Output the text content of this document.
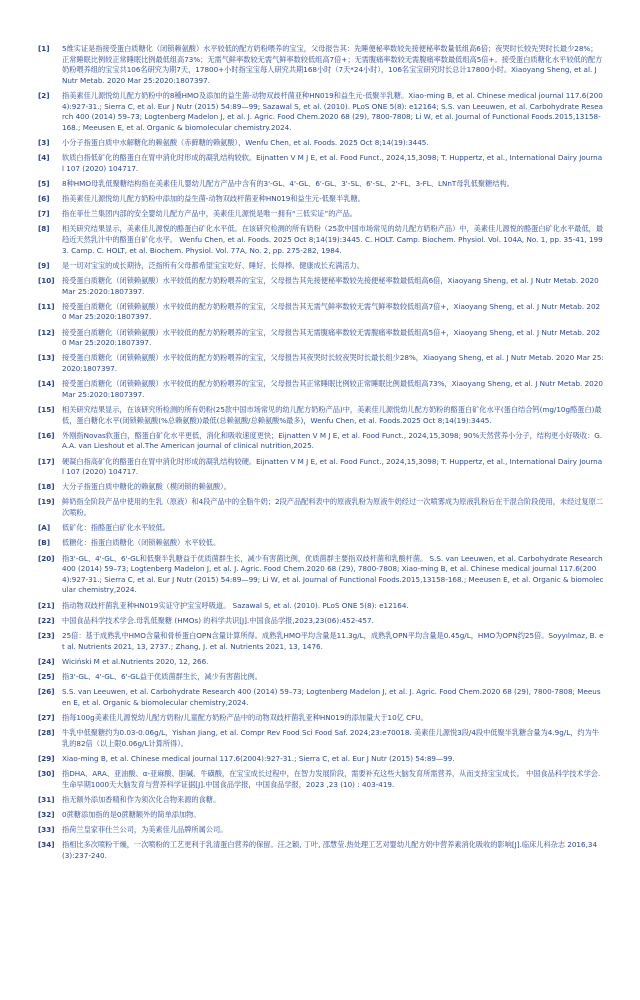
[1]	5维实证是指接受蛋白质糖化（闭锁赖氨酸）水平较低的配方奶粉喂养的宝宝，父母报告其：先睡便秘率数较先接便秘率数量低组高6倍；夜哭时长较先哭时长最少28%；正常睡眠比例较正常睡眠比例最低组高73%；无需气鲜率数较无需气鲜率数较低组高7倍+；无需腹痛率数较无需腹痛率数最低组高5倍+。接受蛋白质糖化水平较低的配方奶粉喂养组的宝宝共106名研究为期7天，17800+小时指宝宝每人研究共期168小时（7天*24小时），106名宝宝研究时长总计17800小时。Xiaoyang Sheng, et al. J Nutr Metab. 2020 Mar 25:2020:1807397.
[2]	指美素佳儿源悦幼儿配方奶粉中的8種HMO及添加的益生菌-动物双歧杆菌亚种HN019和益生元-低聚半乳糖。Xiao-ming B, et al. Chinese medical journal 117.6(2004):927-31.; Sierra C, et al. Eur J Nutr (2015) 54:89—99; Sazawal S, et al. (2010). PLoS ONE 5(8): e12164; S.S. van Leeuwen, et al. Carbohydrate Research 400 (2014) 59–73; Logtenberg Madelon J, et al. J. Agric. Food Chem.2020 68 (29), 7800-7808; Li W, et al. Journal of Functional Foods.2015,13158-168.; Meeusen E, et al. Organic & biomolecular chemistry.2024.
[3]	小分子指蛋白质中水解糖化的赖氨酸（赤藓糖的赖氨酸），Wenfu Chen, et al. Foods. 2025 Oct 8;14(19):3445.
[4]	软质白指低矿化的酪蛋白在胃中消化时形成的凝乳结构较软。Eijnatten V M J E, et al. Food Funct., 2024,15,3098; T. Huppertz, et al., International Dairy Journal 107 (2020) 104717.
[5]	8种HMO母乳低聚糖结构指在美素佳儿婴幼儿配方产品中含有的3'-GL、4'-GL、6'-GL、3'-SL、6'-SL、2'-FL、3-FL、LNnT母乳低聚糖结构。
[6]	指美素佳儿源悦幼儿配方奶粉中添加的益生菌-动物双歧杆菌亚种HN019和益生元-低聚半乳糖。
[7]	指在菲仕兰集团内部的安全婴幼儿配方产品中，美素佳儿源悦是唯一拥有“三低实证”的产品。
[8]	相关研究结果显示，美素佳儿源悦的酪蛋白矿化水平低。在该研究检测的所有奶粉（25款中国市场常见的幼儿配方奶粉产品）中，美素佳儿源悦的酪蛋白矿化水平最低，最趋近天然乳汁中的酪蛋白矿化水平。 Wenfu Chen, et al. Foods. 2025 Oct 8;14(19):3445. C. HOLT. Camp. Biochem. Physiol. Vol. 104A, No. 1, pp. 35-41, 1993. Camp. C. HOLT, et al. Biochem. Physiol. Vol. 77A, No. 2, pp. 275-282, 1984.
[9]	是一切对宝宝的成长期待，泛指所有父母都希望宝宝吃好、睡好、长得棒、健康成长充满活力。
[10]	接受蛋白质糖化（闭锁赖氨酸）水平较低的配方奶粉喂养的宝宝，父母报告其先接便秘率数较先接便秘率数最低组高6倍，Xiaoyang Sheng, et al. J Nutr Metab. 2020 Mar 25:2020:1807397.
[11]	接受蛋白质糖化（闭锁赖氨酸）水平较低的配方奶粉喂养的宝宝，父母报告其无需气鲜率数较无需气鲜率数较低组高7倍+，Xiaoyang Sheng, et al. J Nutr Metab. 2020 Mar 25:2020:1807397.
[12]	接受蛋白质糖化（闭锁赖氨酸）水平较低的配方奶粉喂养的宝宝，父母报告其无需腹痛率数较无需腹痛率数最低组高5倍+，Xiaoyang Sheng, et al. J Nutr Metab. 2020 Mar 25:2020:1807397.
[13]	接受蛋白质糖化（闭锁赖氨酸）水平较低的配方奶粉喂养的宝宝，父母报告其夜哭时长较夜哭时长最长组少28%，Xiaoyang Sheng, et al. J Nutr Metab. 2020 Mar 25:2020:1807397.
[14]	接受蛋白质糖化（闭锁赖氨酸）水平较低的配方奶粉喂养的宝宝，父母报告其正常睡眠比例较正常睡眠比例最低组高73%，Xiaoyang Sheng, et al. J Nutr Metab. 2020 Mar 25:2020:1807397.
[15]	相关研究结果显示，在该研究所检测的所有奶粉(25款中国市场常见的幼儿配方奶粉产品)中，美素佳儿源悦幼儿配方奶粉的酪蛋白矿化水平(蛋白结合钙(mg/10g酪蛋白)最低，蛋白糖化水平(闭锁赖氨酸(%总赖氨酸))最低(总赖氨酸/总赖氨酸%最多)，Wenfu Chen, et al. Foods.2025 Oct 8;14(19):3445.
[16]	外刚指Novas软蛋白，酪蛋白矿化水平更低，消化和吸收速度更快；Eijnatten V M J E, et al. Food Funct., 2024,15,3098; 90%天然营养小分子，结构更小好吸收：G.A.A. van Lieshout et al.The American journal of clinical nutrition,2025.
[17]	硬凝白指高矿化的酪蛋白在胃中消化时形成的凝乳结构较硬。Eijnatten V M J E, et al. Food Funct., 2024,15,3098; T. Huppertz, et al., International Dairy Journal 107 (2020) 104717.
[18]	大分子指蛋白质中糖化的赖氨酸（模闭锁的赖氨酸）。
[19]	鲜奶指全阶段产品中使用的生乳（原液）和4段产品中的全脂牛奶；2段产品配料表中的原液乳粉为原液牛奶经过一次喷雾成为原液乳粉后在干混合阶段使用，未经过复原二次喷粉。
[A]	低矿化：指酪蛋白矿化水平较低。
[B]	低糖化：指蛋白质糖化（闭锁赖氨酸）水平较低。
[20]	指3'-GL、4'-GL、6'-GL和低聚半乳糖益于优质菌群生长，减少有害菌比例，优质菌群主要指双歧杆菌和乳酸杆菌。 S.S. van Leeuwen, et al. Carbohydrate Research 400 (2014) 59–73; Logtenberg Madelon J, et al. J. Agric. Food Chem.2020 68 (29), 7800-7808; Xiao-ming B, et al. Chinese medical journal 117.6(2004):927-31.; Sierra C, et al. Eur J Nutr (2015) 54:89—99; Li W, et al. Journal of Functional Foods.2015,13158-168.; Meeusen E, et al. Organic & biomolecular chemistry,2024.
[21]	指动物双歧杆菌乳亚种HN019实证守护宝宝呼吸道。 Sazawal S, et al. (2010). PLoS ONE 5(8): e12164.
[22]	中国食品科学技术学会.母乳低聚糖 (HMOs) 的科学共识[J].中国食品学报,2023,23(06):452-457.
[23]	25倍：基于成熟乳中HMO含量和骨桥蛋白OPN含量计算所得。成熟乳HMO平均含量是11.3g/L，成熟乳OPN平均含量是0.45g/L，HMO为OPN约25倍。Soyyılmaz, B. et al. Nutrients 2021, 13, 2737.; Zhang, J. et al. Nutrients 2021, 13, 1476.
[24]	Wiciński M et al.Nutrients 2020, 12, 266.
[25]	指3'-GL、4'-GL、6'-GL益于优质菌群生长，减少有害菌比例。
[26]	S.S. van Leeuwen, et al. Carbohydrate Research 400 (2014) 59–73; Logtenberg Madelon J, et al. J. Agric. Food Chem.2020 68 (29), 7800-7808; Meeusen E, et al. Organic & biomolecular chemistry,2024.
[27]	指每100g美素佳儿源悦幼儿配方奶粉/儿童配方奶粉产品中的动物双歧杆菌乳亚种HN019的添加量大于10亿 CFU。
[28]	牛乳中低聚糖约为0.03-0.06g/L，Yishan Jiang, et al. Compr Rev Food Sci Food Saf. 2024;23:e70018. 美素佳儿源悦3段/4段中低聚半乳糖含量为4.9g/L，约为牛乳的82倍（以上限0.06g/L计算所得）。
[29]	Xiao-ming B, et al. Chinese medical journal 117.6(2004):927-31.; Sierra C, et al. Eur J Nutr (2015) 54:89—99.
[30]	指DHA、ARA、亚油酸、α-亚麻酸、胆碱、牛磺酸，在宝宝成长过程中，在智力发展阶段，需要补充这些大脑发育所需营养，从而支持宝宝成长。 中国食品科学技术学会. 生命早期1000天大脑发育与营养科学证据[J].中国食品学报，中国食品学报，2023 ,23 (10) : 403-419.
[31]	指无额外添加香精和作为须次化合物来源的食糖。
[32]	0蔗糖添加指的是0蔗糖额外的简单添加物。
[33]	指荷兰皇家菲仕兰公司，为美素佳儿品牌所属公司。
[34]	指相比多次喷粉干燥，一次喷粉的工艺更利于乳清蛋白营养的保留。汪之颖, 丁叶, 邵慧莹.热处理工艺对婴幼儿配方奶中营养素消化吸收的影响[J].临床儿科杂志 2016,34(3):237-240.
